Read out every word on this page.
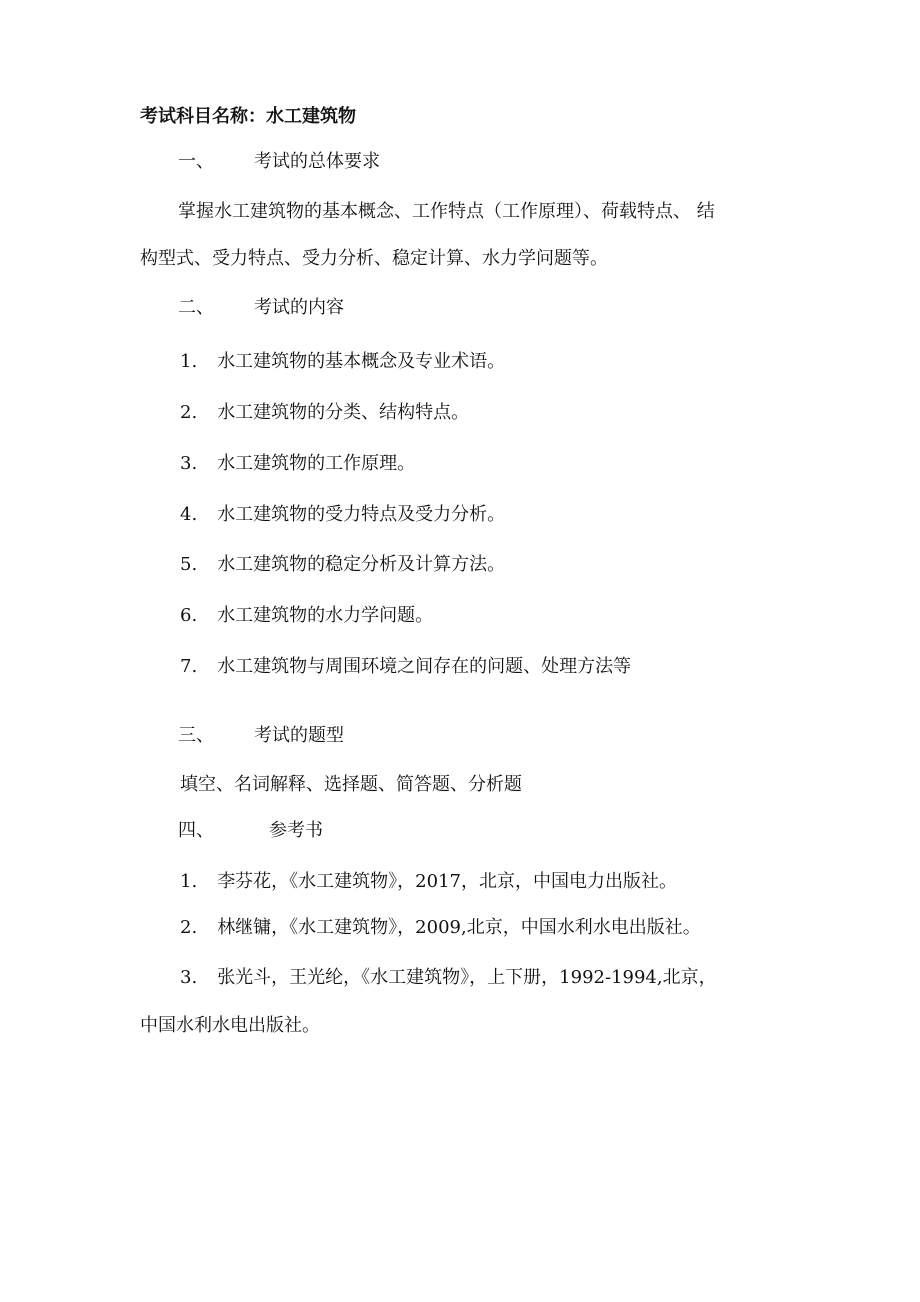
考试科目名称：水工建筑物

一、 考试的总体要求

掌握水工建筑物的基本概念、工作特点（工作原理）、荷载特点、 结

构型式、受力特点、受力分析、稳定计算、水力学问题等。

二、 考试的内容

1. 水工建筑物的基本概念及专业术语。

2. 水工建筑物的分类、结构特点。

3. 水工建筑物的工作原理。

4. 水工建筑物的受力特点及受力分析。

5. 水工建筑物的稳定分析及计算方法。

6. 水工建筑物的水力学问题。

7. 水工建筑物与周围环境之间存在的问题、处理方法等

三、 考试的题型

填空、名词解释、选择题、简答题、分析题

四、	参考书

1. 李芬花，《水工建筑物》，2017，北京，中国电力出版社。

2. 林继镛，《水工建筑物》，2009,北京，中国水利水电出版社。

3. 张光斗，王光纶，《水工建筑物》，上下册，1992-1994,北京，

中国水利水电出版社。
